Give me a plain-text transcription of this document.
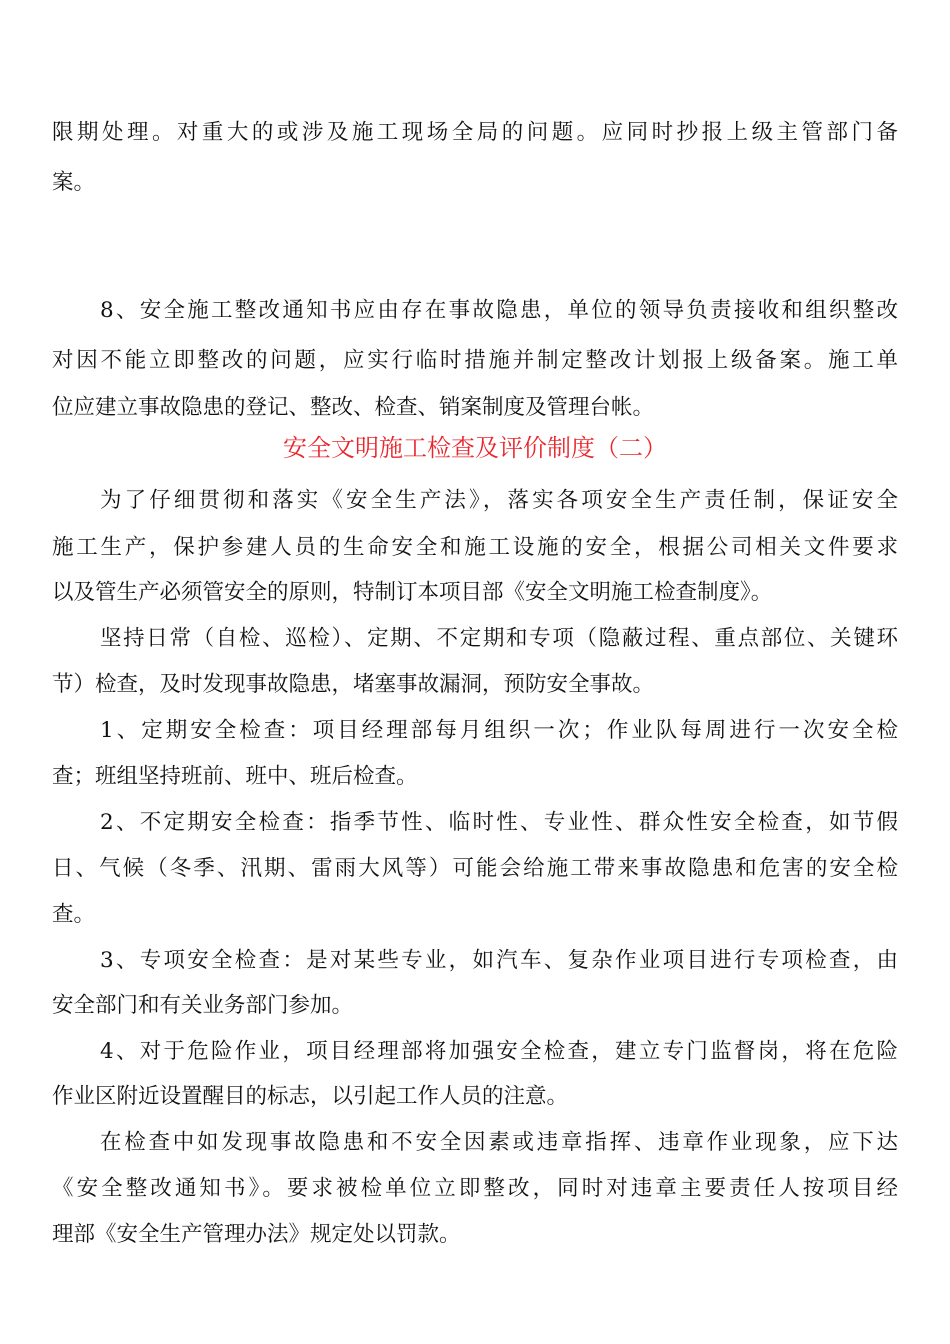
限期处理。对重大的或涉及施工现场全局的问题。应同时抄报上级主管部门备
案。
8、安全施工整改通知书应由存在事故隐患，单位的领导负责接收和组织整改
对因不能立即整改的问题，应实行临时措施并制定整改计划报上级备案。施工单
位应建立事故隐患的登记、整改、检查、销案制度及管理台帐。
安全文明施工检查及评价制度（二）
为了仔细贯彻和落实《安全生产法》，落实各项安全生产责任制，保证安全
施工生产，保护参建人员的生命安全和施工设施的安全，根据公司相关文件要求
以及管生产必须管安全的原则，特制订本项目部《安全文明施工检查制度》。
坚持日常（自检、巡检）、定期、不定期和专项（隐蔽过程、重点部位、关键环
节）检查，及时发现事故隐患，堵塞事故漏洞，预防安全事故。
1、定期安全检查：项目经理部每月组织一次；作业队每周进行一次安全检
查；班组坚持班前、班中、班后检查。
2、不定期安全检查：指季节性、临时性、专业性、群众性安全检查，如节假
日、气候（冬季、汛期、雷雨大风等）可能会给施工带来事故隐患和危害的安全检
查。
3、专项安全检查：是对某些专业，如汽车、复杂作业项目进行专项检查，由
安全部门和有关业务部门参加。
4、对于危险作业，项目经理部将加强安全检查，建立专门监督岗，将在危险
作业区附近设置醒目的标志，以引起工作人员的注意。
在检查中如发现事故隐患和不安全因素或违章指挥、违章作业现象，应下达
《安全整改通知书》。要求被检单位立即整改，同时对违章主要责任人按项目经
理部《安全生产管理办法》规定处以罚款。
